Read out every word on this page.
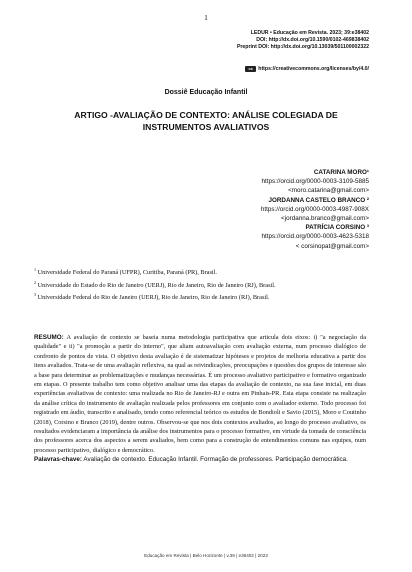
1
LEDUR • Educação em Revista. 2023; 39:e38402
DOI: http://dx.doi.org/10.1590/0102-469838402
Preprint DOI: http://dx.doi.org/10.13039/501100002322
cc	https://creativecommons.org/licenses/by/4.0/
Dossiê Educação Infantil
ARTIGO -AVALIAÇÃO DE CONTEXTO: ANÁLISE COLEGIADA DE
INSTRUMENTOS AVALIATIVOS
CATARINA MORO¹
https://orcid.org/0000-0003-3109-5885
<moro.catarina@gmail.com>
JORDANNA CASTELO BRANCO ²
https://orcid.org/0000-0003-4987-908X
<jordanna.branco@gmail.com>
PATRÍCIA CORSINO ³
https://orcid.org/0000-0003-4623-5318
< corsinopat@gmail.com>

$^1$ Universidade Federal do Paraná (UFPR), Curitiba, Paraná (PR), Brasil.

$^2$ Universidade do Estado do Rio de Janeiro (UERJ), Rio de Janeiro, Rio de Janeiro (RJ), Brasil.

$^3$ Universidade Federal do Rio de Janeiro (UERJ), Rio de Janeiro, Rio de Janeiro (RJ), Brasil.

RESUMO: A avaliação de contexto se baseia numa metodologia participativa que articula dois eixos: i) "a negociação da qualidade" e ii) "a promoção a partir do interno", que aliam autoavaliação com avaliação externa, num processo dialógico de confronto de pontos de vista. O objetivo desta avaliação é de sistematizar hipóteses e projetos de melhoria educativa a partir dos itens avaliados. Trata-se de uma avaliação reflexiva, na qual as reivindicações, preocupações e questões dos grupos de interesse são a base para determinar as problematizações e mudanças necessárias. É um processo avaliativo participativo e formativo organizado em etapas. O presente trabalho tem como objetivo analisar uma das etapas da avaliação de contexto, na sua fase inicial, em duas experiências avaliativas de contexto: uma realizada no Rio de Janeiro-RJ e outra em Pinhais-PR. Esta etapa consiste na realização da análise crítica do instrumento de avaliação realizada pelos professores em conjunto com o avaliador externo. Todo processo foi registrado em áudio, transcrito e analisado, tendo como referencial teórico os estudos de Bondioli e Savio (2015), Moro e Coutinho (2018), Corsino e Branco (2019), dentre outros. Observou-se que nos dois contextos avaliados, ao longo do processo avaliativo, os resultados evidenciaram a importância da análise dos instrumentos para o processo formativo, em virtude da tomada de consciência dos professores acerca dos aspectos a serem avaliados, bem como para a construção de entendimentos comuns nas equipes, num processo participativo, dialógico e democrático.

Palavras-chave: Avaliação de contexto. Educação Infantil. Formação de professores. Participação democrática.

Educação em Revista | Belo Horizonte | v.39 | e38402 | 2023
